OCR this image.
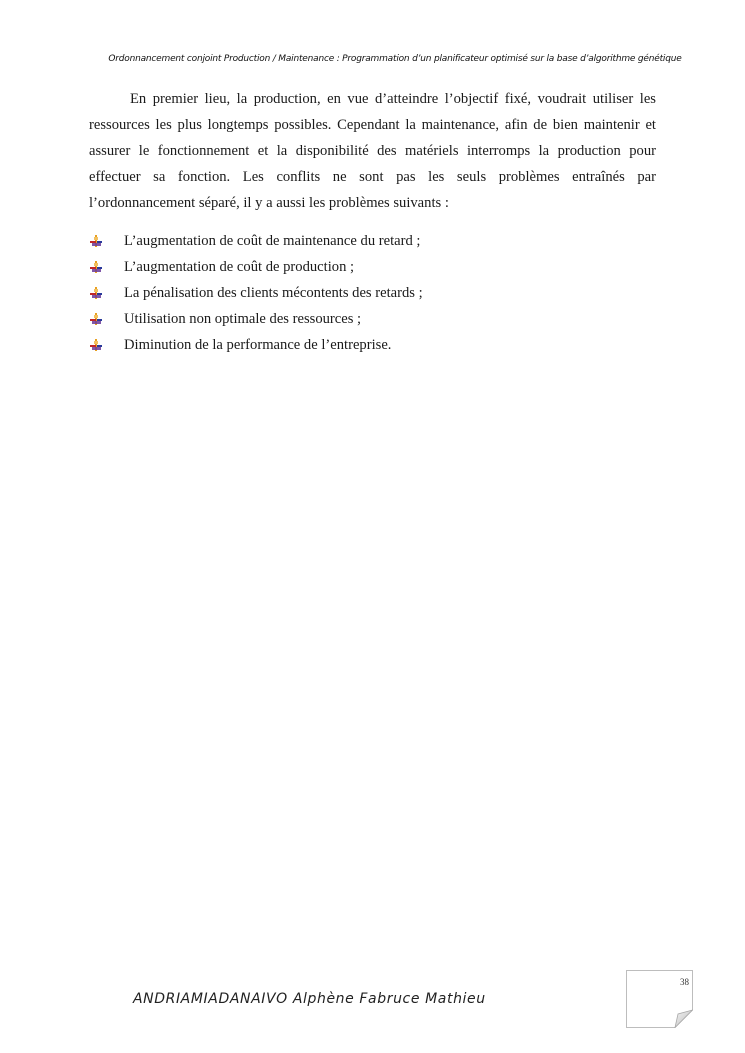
Ordonnancement conjoint Production / Maintenance : Programmation d’un planificateur optimisé sur la base d’algorithme génétique

En premier lieu, la production, en vue d’atteindre l’objectif fixé, voudrait utiliser les ressources les plus longtemps possibles. Cependant la maintenance, afin de bien maintenir et assurer le fonctionnement et la disponibilité des matériels interromps la production pour effectuer sa fonction. Les conflits ne sont pas les seuls problèmes entraînés par l’ordonnancement séparé, il y a aussi les problèmes suivants :

L’augmentation de coût de maintenance du retard ;
L’augmentation de coût de production ;
La pénalisation des clients mécontents des retards ;
Utilisation non optimale des ressources ;
Diminution de la performance de l’entreprise.
ANDRIAMIADANAIVO Alphène Fabruce Mathieu
38
